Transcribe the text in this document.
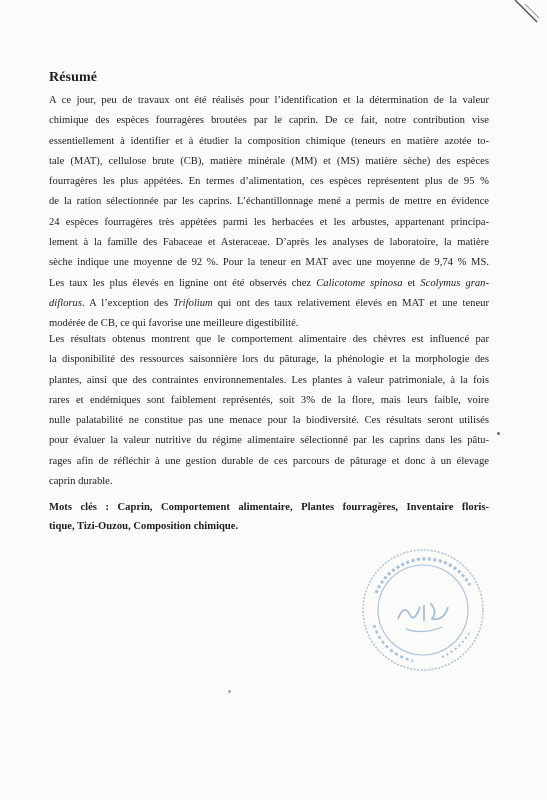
Résumé
A ce jour, peu de travaux ont été réalisés pour l’identification et la détermination de la valeur
chimique des espèces fourragères broutées par le caprin. De ce fait, notre contribution vise
essentiellement à identifier et à étudier la composition chimique (teneurs en matière azotée to-
tale (MAT), cellulose brute (CB), matière minérale (MM) et (MS) matière sèche) des espèces
fourragères les plus appétées. En termes d’alimentation, ces espèces représentent plus de 95 %
de la ration sélectionnée par les caprins. L’échantillonnage mené a permis de mettre en évidence
24 espèces fourragères très appétées parmi les herbacées et les arbustes, appartenant principa-
lement à la famille des Fabaceae et Asteraceae. D’après les analyses de laboratoire, la matière
sèche indique une moyenne de 92 %. Pour la teneur en MAT avec une moyenne de 9,74 % MS.
Les taux les plus élevés en lignine ont été observés chez Calicotome spinosa et Scolymus gran-
diflorus. A l’exception des Trifolium qui ont des taux relativement élevés en MAT et une teneur
modérée de CB, ce qui favorise une meilleure digestibilité.
Les résultats obtenus montrent que le comportement alimentaire des chèvres est influencé par
la disponibilité des ressources saisonnière lors du pâturage, la phénologie et la morphologie des
plantes, ainsi que des contraintes environnementales. Les plantes à valeur patrimoniale, à la fois
rares et endémiques sont faiblement représentés, soit 3% de la flore, mais leurs faible, voire
nulle palatabilité ne constitue pas une menace pour la biodiversité. Ces résultats seront utilisés
pour évaluer la valeur nutritive du régime alimentaire sélectionné par les caprins dans les pâtu-
rages afin de réfléchir à une gestion durable de ces parcours de pâturage et donc à un élevage
caprin durable.
Mots clés : Caprin, Comportement alimentaire, Plantes fourragères, Inventaire floris-
tique, Tizi-Ouzou, Composition chimique.
